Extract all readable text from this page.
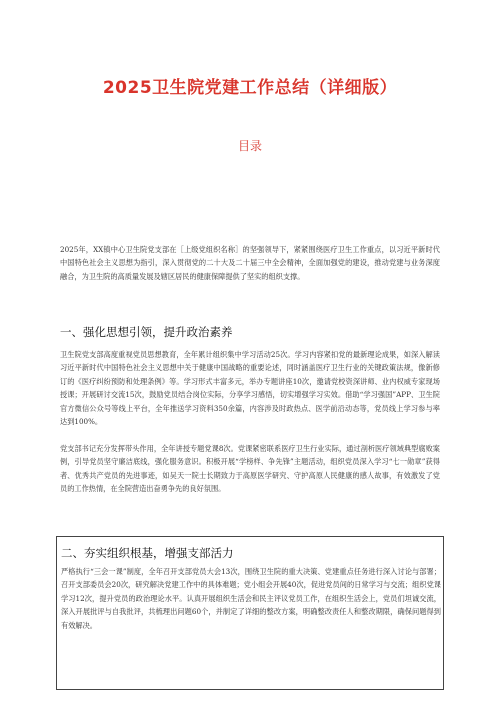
2025卫生院党建工作总结（详细版）
目录

2025年，XX镇中心卫生院党支部在［上级党组织名称］的坚强领导下，紧紧围绕医疗卫生工作重点，以习近平新时代中国特色社会主义思想为指引，深入贯彻党的二十大及二十届三中全会精神，全面加强党的建设，推动党建与业务深度融合，为卫生院的高质量发展及辖区居民的健康保障提供了坚实的组织支撑。

一、强化思想引领，提升政治素养

卫生院党支部高度重视党员思想教育，全年累计组织集中学习活动25次。学习内容紧扣党的最新理论成果，如深入解读习近平新时代中国特色社会主义思想中关于健康中国战略的重要论述，同时涵盖医疗卫生行业的关键政策法规，像新修订的《医疗纠纷预防和处理条例》等。学习形式丰富多元，举办专题讲座10次，邀请党校资深讲师、业内权威专家现场授课；开展研讨交流15次，鼓励党员结合岗位实际，分享学习感悟，切实增强学习实效。借助“学习强国”APP、卫生院官方微信公众号等线上平台，全年推送学习资料350余篇，内容涉及时政热点、医学前沿动态等，党员线上学习参与率达到100%。

党支部书记充分发挥带头作用，全年讲授专题党课8次。党课紧密联系医疗卫生行业实际，通过剖析医疗领域典型腐败案例，引导党员坚守廉洁底线，强化服务意识。积极开展“学榜样、争先锋”主题活动，组织党员深入学习“七一勋章”获得者、优秀共产党员的先进事迹，如吴天一院士长期致力于高原医学研究、守护高原人民健康的感人故事，有效激发了党员的工作热情，在全院营造出奋勇争先的良好氛围。

二、夯实组织根基，增强支部活力

严格执行“三会一课”制度，全年召开支部党员大会13次，围绕卫生院的重大决策、党建重点任务进行深入讨论与部署；召开支部委员会20次，研究解决党建工作中的具体难题；党小组会开展40次，促进党员间的日常学习与交流；组织党课学习12次，提升党员的政治理论水平。认真开展组织生活会和民主评议党员工作，在组织生活会上，党员们坦诚交流，深入开展批评与自我批评，共梳理出问题60个，并制定了详细的整改方案，明确整改责任人和整改期限，确保问题得到有效解决。
